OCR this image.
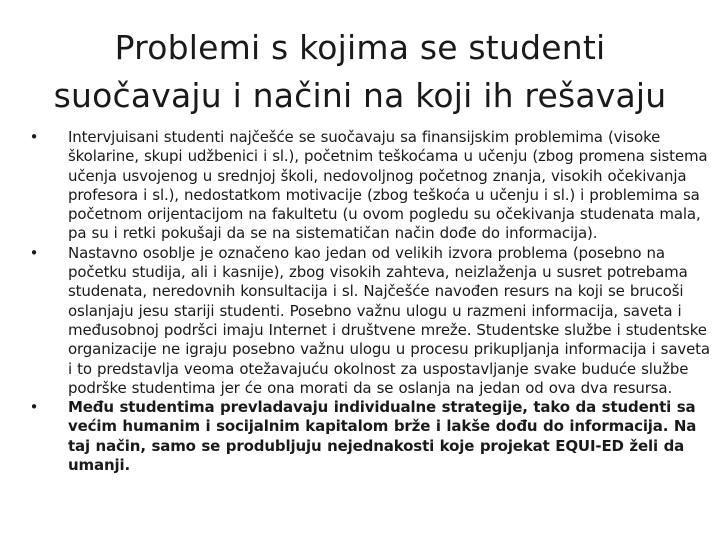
Problemi s kojima se studenti
suočavaju i načini na koji ih rešavaju
• Intervjuisani studenti najčešće se suočavaju sa finansijskim problemima (visoke školarine, skupi udžbenici i sl.), početnim teškoćama u učenju (zbog promena sistema učenja usvojenog u srednjoj školi, nedovoljnog početnog znanja, visokih očekivanja profesora i sl.), nedostatkom motivacije (zbog teškoća u učenju i sl.) i problemima sa početnom orijentacijom na fakultetu (u ovom pogledu su očekivanja studenata mala, pa su i retki pokušaji da se na sistematičan način dođe do informacija).
• Nastavno osoblje je označeno kao jedan od velikih izvora problema (posebno na početku studija, ali i kasnije), zbog visokih zahteva, neizlaženja u susret potrebama studenata, neredovnih konsultacija i sl. Najčešće navođen resurs na koji se brucoši oslanjaju jesu stariji studenti. Posebno važnu ulogu u razmeni informacija, saveta i međusobnoj podršci imaju Internet i društvene mreže. Studentske službe i studentske organizacije ne igraju posebno važnu ulogu u procesu prikupljanja informacija i saveta i to predstavlja veoma otežavajuću okolnost za uspostavljanje svake buduće službe podrške studentima jer će ona morati da se oslanja na jedan od ova dva resursa.
• Među studentima prevladavaju individualne strategije, tako da studenti sa većim humanim i socijalnim kapitalom brže i lakše dođu do informacija. Na taj način, samo se produbljuju nejednakosti koje projekat EQUI-ED želi da umanji.
